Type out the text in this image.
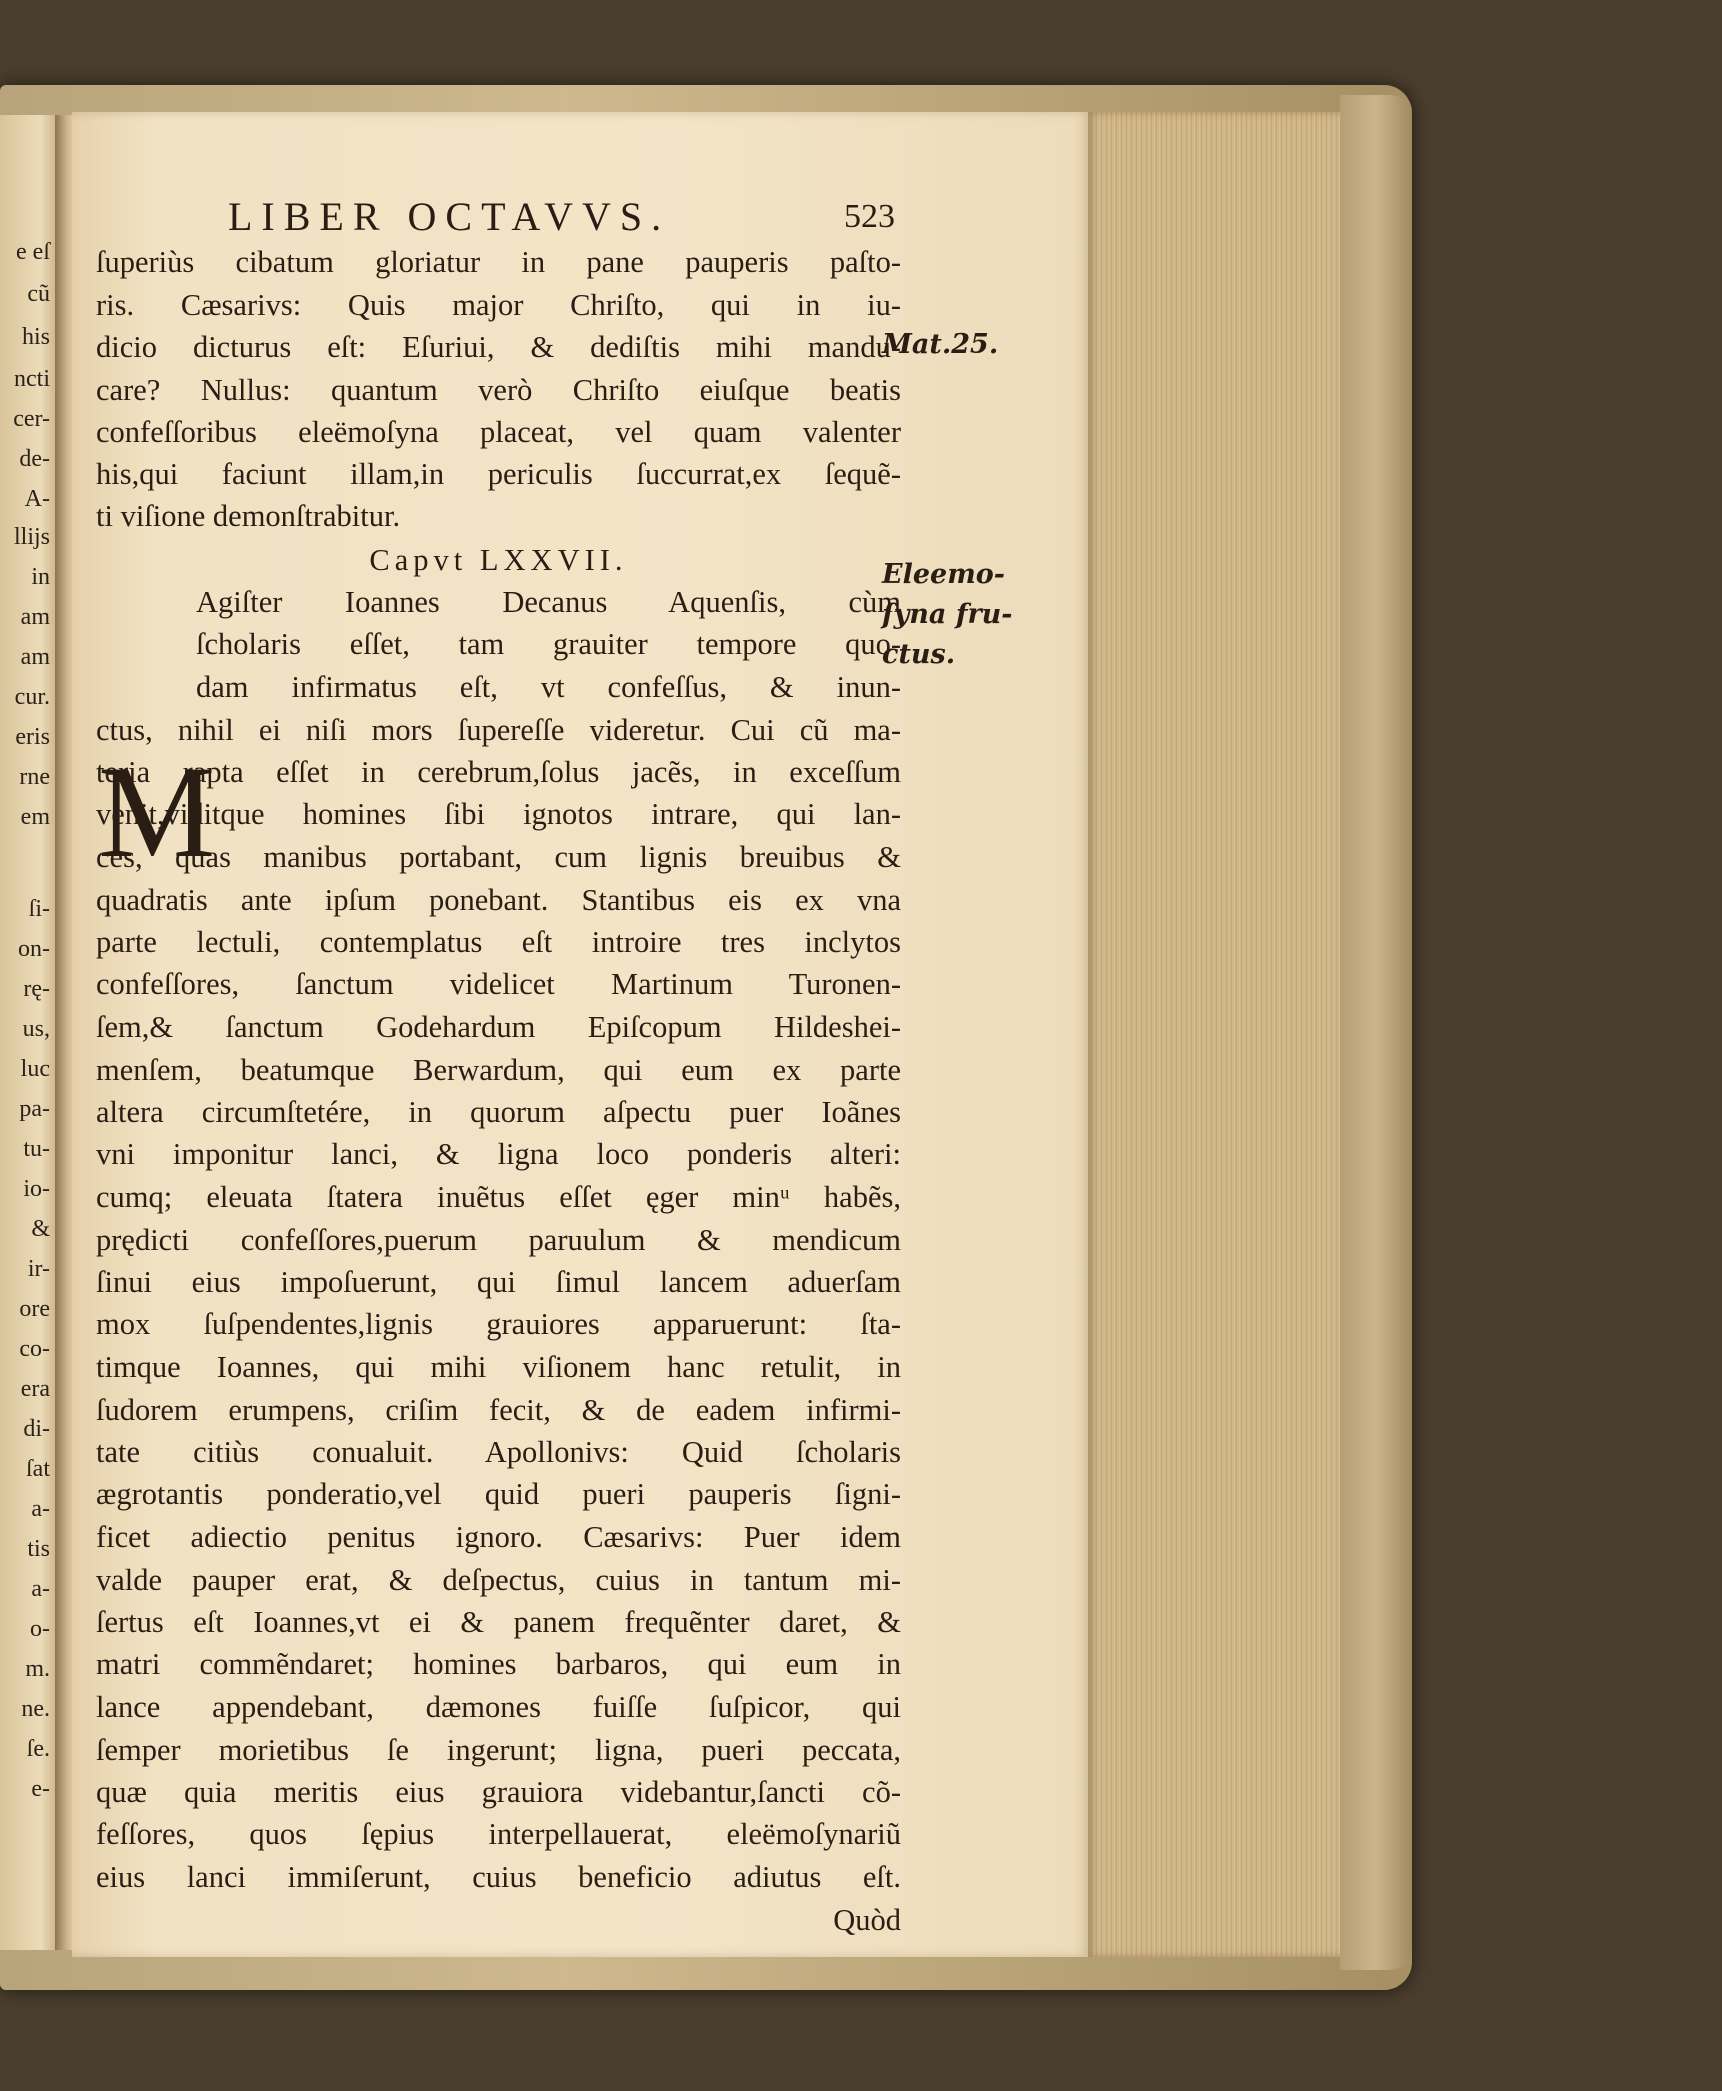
e eſ
cũ
his
ncti
cer-
de-
A-
llijs
in
am
am
cur.
eris
rne
em
ſi-
on-
rę-
us,
luc
pa-
tu-
io-
&
ir-
ore
co-
era
di-
ſat
a-
tis
a-
o-
m.
ne.
ſe.
e-
LIBER OCTAVVS.	523
M
ſuperiùs cibatum gloriatur in pane pauperis paſto-
ris. Cæsarivs: Quis major Chriſto, qui in iu-
dicio dicturus eſt: Eſuriui, & dediſtis mihi mandu-
care? Nullus: quantum verò Chriſto eiuſque beatis
confeſſoribus eleëmoſyna placeat, vel quam valenter
his,qui faciunt illam,in periculis ſuccurrat,ex ſequẽ-
ti viſione demonſtrabitur.
Capvt LXXVII.
Agiſter Ioannes Decanus Aquenſis, cùm
ſcholaris eſſet, tam grauiter tempore quo-
dam infirmatus eſt, vt confeſſus, & inun-
ctus, nihil ei niſi mors ſupereſſe videretur. Cui cũ ma-
teria rapta eſſet in cerebrum,ſolus jacẽs, in exceſſum
venit,viditque homines ſibi ignotos intrare, qui lan-
ces, quas manibus portabant, cum lignis breuibus &
quadratis ante ipſum ponebant. Stantibus eis ex vna
parte lectuli, contemplatus eſt introire tres inclytos
confeſſores, ſanctum videlicet Martinum Turonen-
ſem,& ſanctum Godehardum Epiſcopum Hildeshei-
menſem, beatumque Berwardum, qui eum ex parte
altera circumſtetére, in quorum aſpectu puer Ioãnes
vni imponitur lanci, & ligna loco ponderis alteri:
cumq; eleuata ſtatera inuẽtus eſſet ęger minᵘ habẽs,
prędicti confeſſores,puerum paruulum & mendicum
ſinui eius impoſuerunt, qui ſimul lancem aduerſam
mox ſuſpendentes,lignis grauiores apparuerunt: ſta-
timque Ioannes, qui mihi viſionem hanc retulit, in
ſudorem erumpens, criſim fecit, & de eadem infirmi-
tate citiùs conualuit. Apollonivs: Quid ſcholaris
ægrotantis ponderatio,vel quid pueri pauperis ſigni-
ficet adiectio penitus ignoro. Cæsarivs: Puer idem
valde pauper erat, & deſpectus, cuius in tantum mi-
ſertus eſt Ioannes,vt ei & panem frequẽnter daret, &
matri commẽndaret; homines barbaros, qui eum in
lance appendebant, dæmones fuiſſe ſuſpicor, qui
ſemper morietibus ſe ingerunt; ligna, pueri peccata,
quæ quia meritis eius grauiora videbantur,ſancti cõ-
feſſores, quos ſępius interpellauerat, eleëmoſynariũ
eius lanci immiſerunt, cuius beneficio adiutus eſt.
Quòd
Mat.25.
Eleemo-
ſyna fru-
ctus.
